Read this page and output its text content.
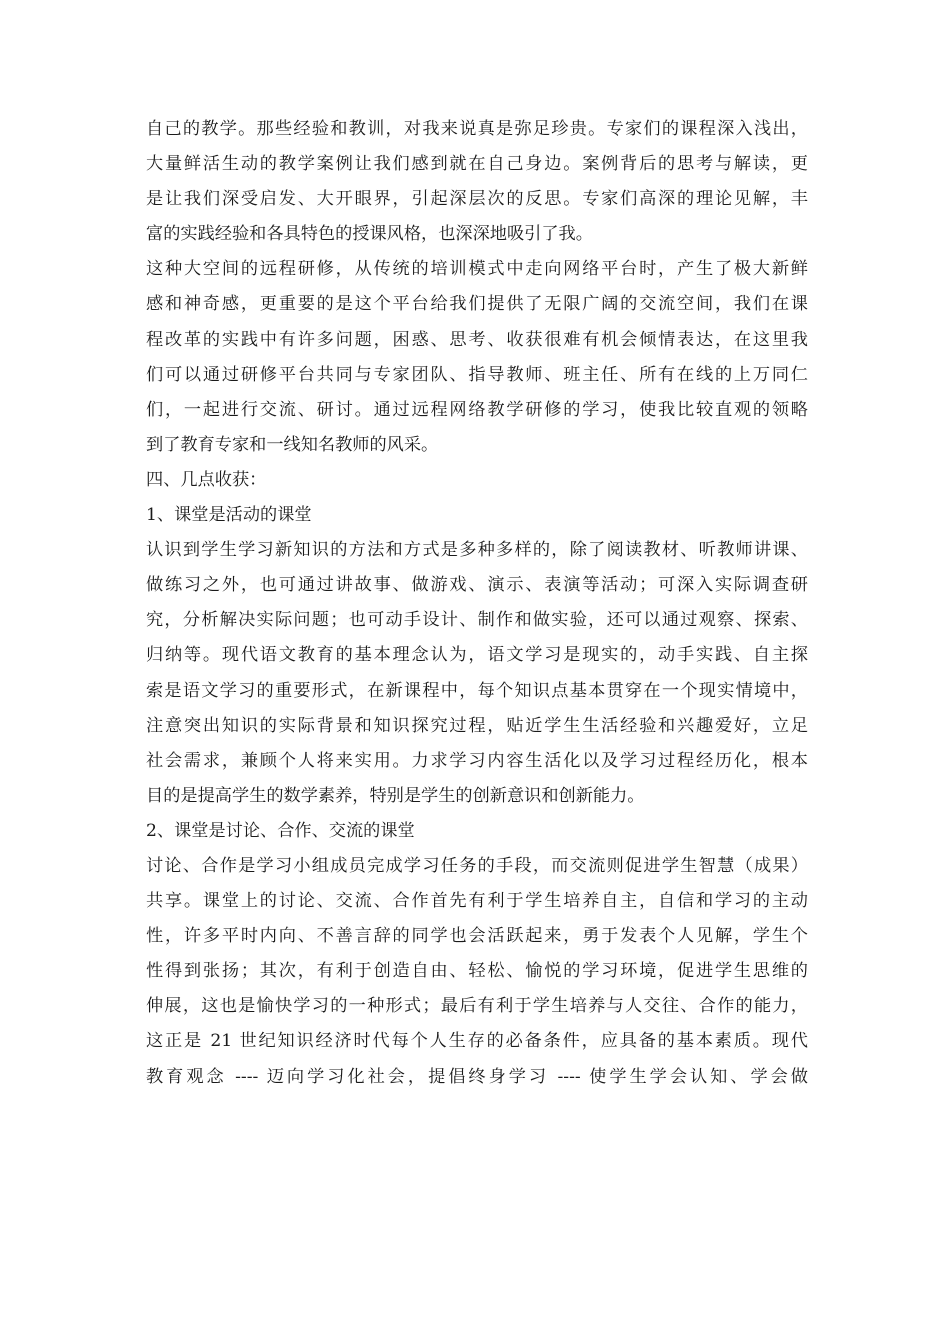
自己的教学。那些经验和教训，对我来说真是弥足珍贵。专家们的课程深入浅出，
大量鲜活生动的教学案例让我们感到就在自己身边。案例背后的思考与解读，更
是让我们深受启发、大开眼界，引起深层次的反思。专家们高深的理论见解，丰
富的实践经验和各具特色的授课风格，也深深地吸引了我。
这种大空间的远程研修，从传统的培训模式中走向网络平台时，产生了极大新鲜
感和神奇感，更重要的是这个平台给我们提供了无限广阔的交流空间，我们在课
程改革的实践中有许多问题，困惑、思考、收获很难有机会倾情表达，在这里我
们可以通过研修平台共同与专家团队、指导教师、班主任、所有在线的上万同仁
们，一起进行交流、研讨。通过远程网络教学研修的学习，使我比较直观的领略
到了教育专家和一线知名教师的风采。
四、几点收获：
1、课堂是活动的课堂
认识到学生学习新知识的方法和方式是多种多样的，除了阅读教材、听教师讲课、
做练习之外，也可通过讲故事、做游戏、演示、表演等活动；可深入实际调查研
究，分析解决实际问题；也可动手设计、制作和做实验，还可以通过观察、探索、
归纳等。现代语文教育的基本理念认为，语文学习是现实的，动手实践、自主探
索是语文学习的重要形式，在新课程中，每个知识点基本贯穿在一个现实情境中，
注意突出知识的实际背景和知识探究过程，贴近学生生活经验和兴趣爱好，立足
社会需求，兼顾个人将来实用。力求学习内容生活化以及学习过程经历化，根本
目的是提高学生的数学素养，特别是学生的创新意识和创新能力。
2、课堂是讨论、合作、交流的课堂
讨论、合作是学习小组成员完成学习任务的手段，而交流则促进学生智慧（成果）
共享。课堂上的讨论、交流、合作首先有利于学生培养自主，自信和学习的主动
性，许多平时内向、不善言辞的同学也会活跃起来，勇于发表个人见解，学生个
性得到张扬；其次，有利于创造自由、轻松、愉悦的学习环境，促进学生思维的
伸展，这也是愉快学习的一种形式；最后有利于学生培养与人交往、合作的能力，
这正是 21 世纪知识经济时代每个人生存的必备条件，应具备的基本素质。现代
教育观念 ---- 迈向学习化社会，提倡终身学习 ---- 使学生学会认知、学会做
